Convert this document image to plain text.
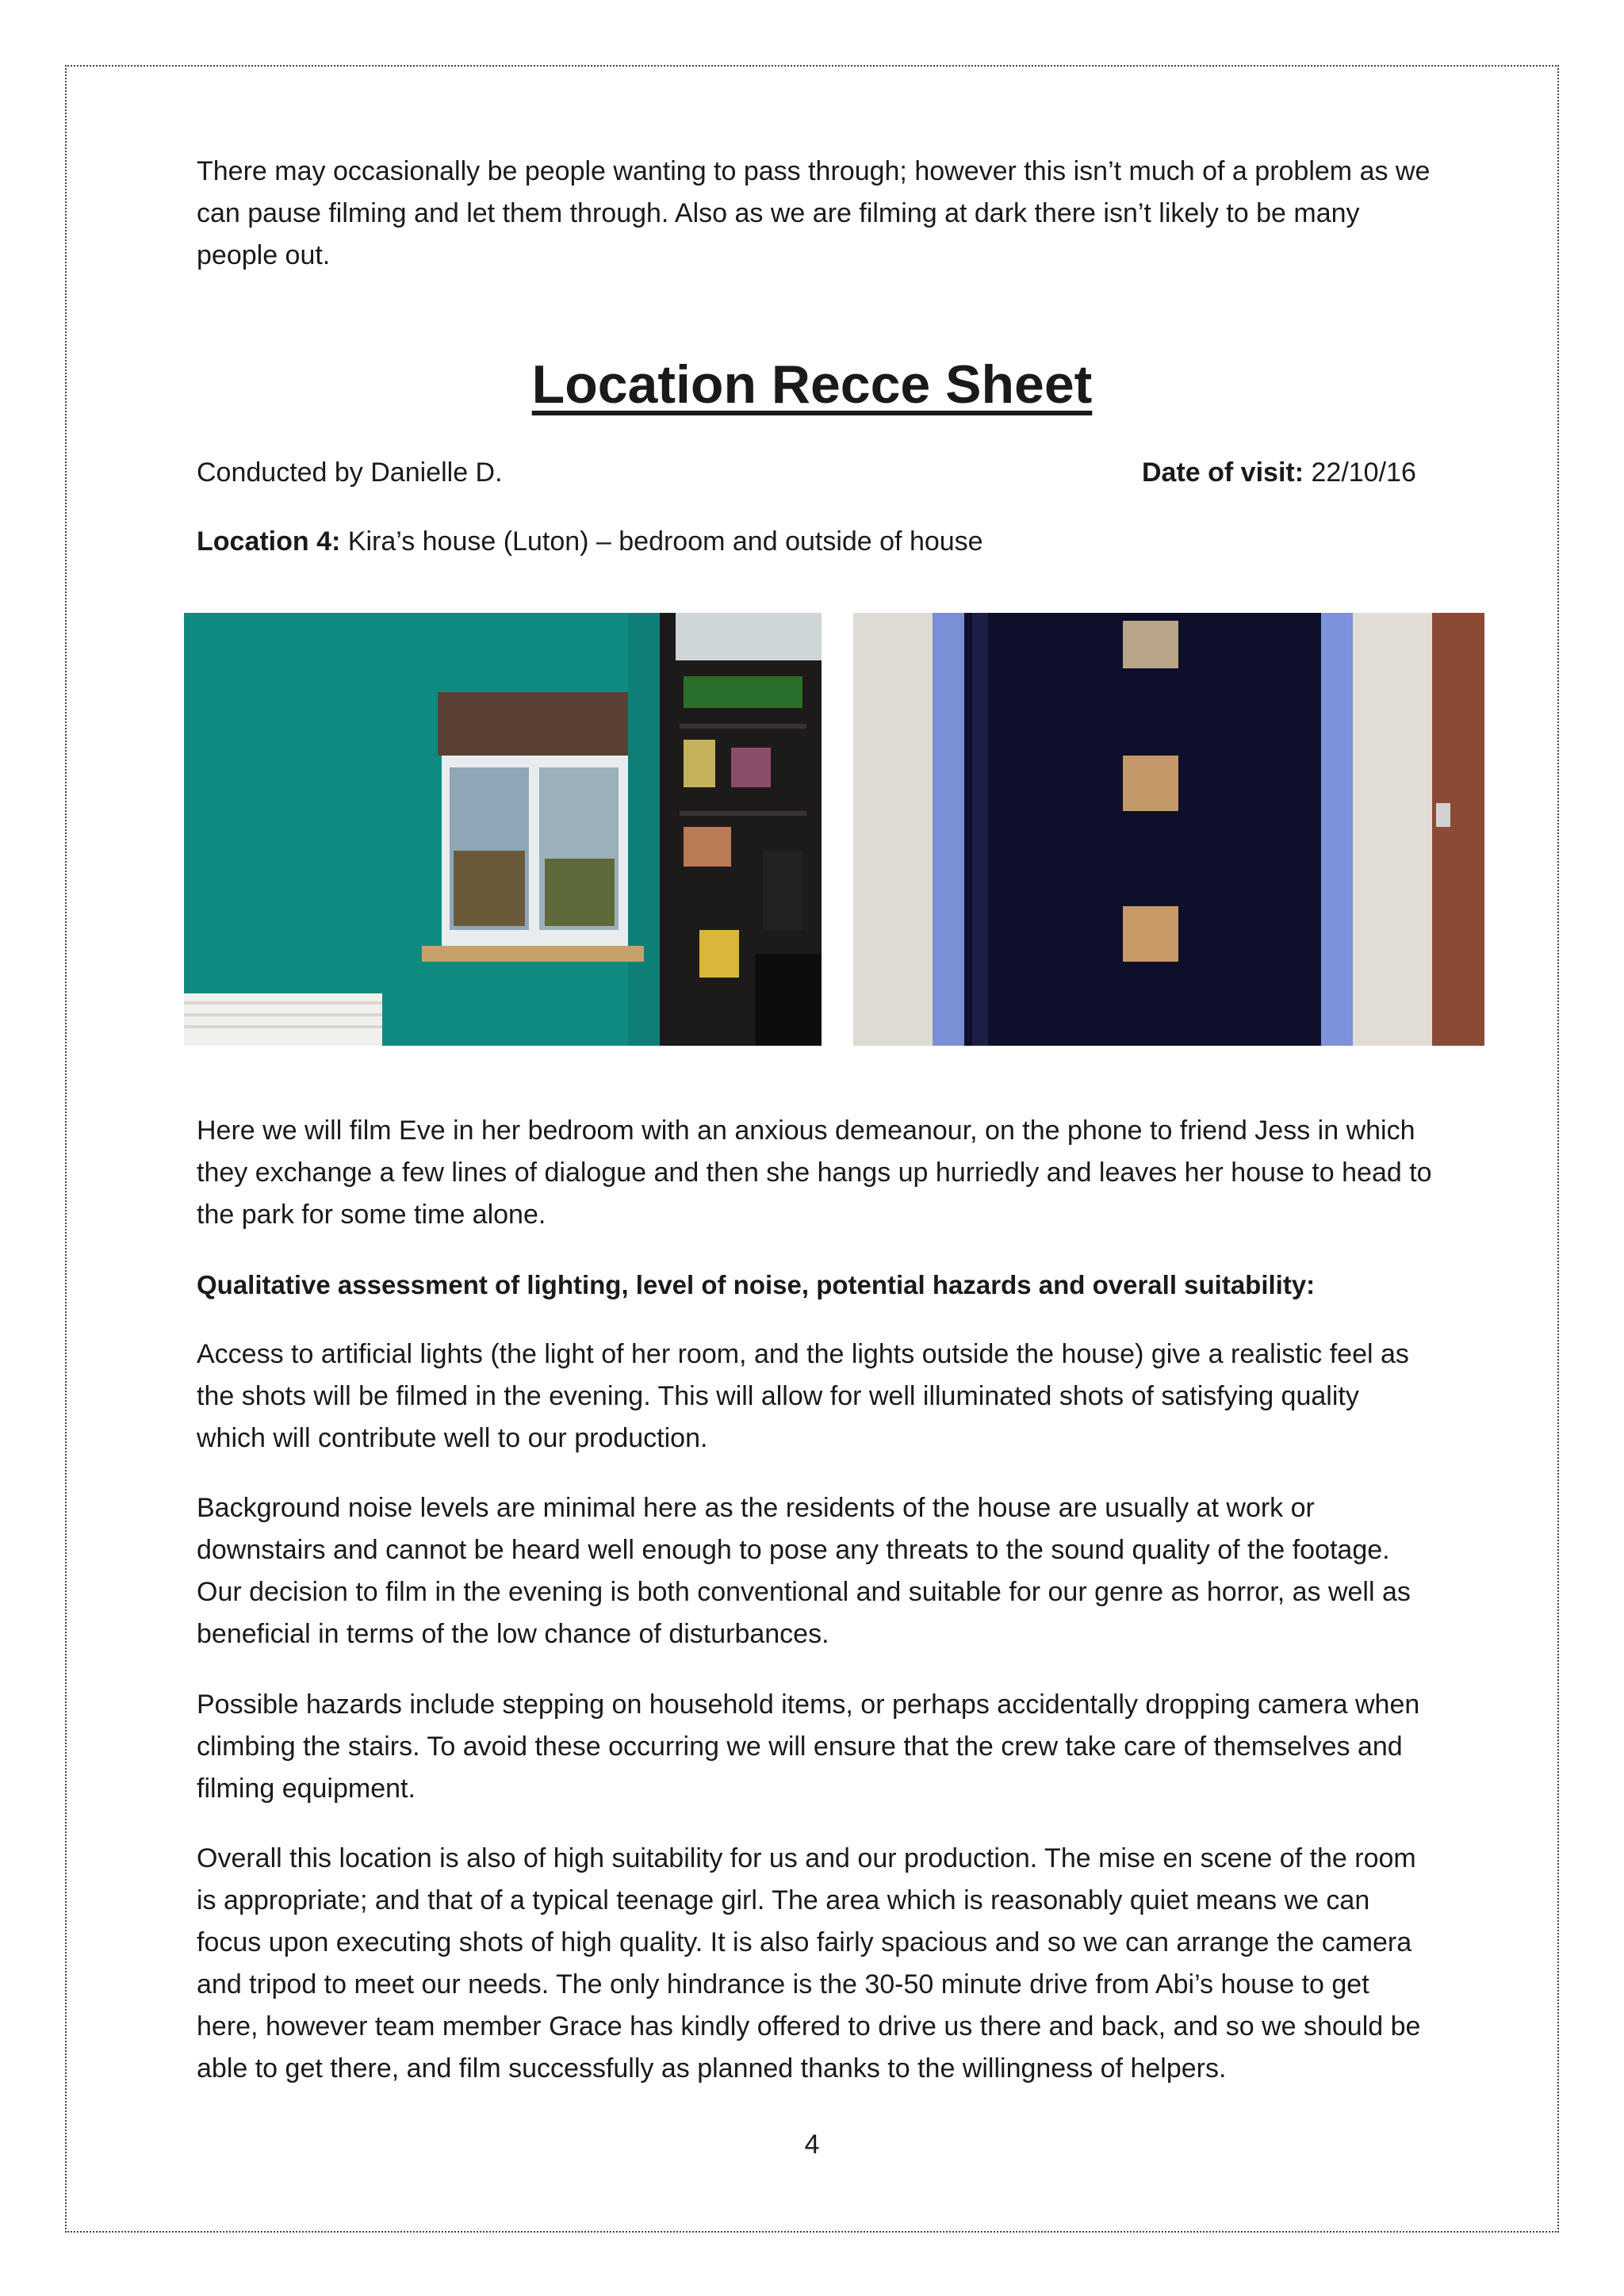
There may occasionally be people wanting to pass through; however this isn’t much of a problem as we can pause filming and let them through. Also as we are filming at dark there isn’t likely to be many people out.

Location Recce Sheet
Conducted by Danielle D.	Date of visit: 22/10/16
Location 4: Kira’s house (Luton) – bedroom and outside of house

Here we will film Eve in her bedroom with an anxious demeanour, on the phone to friend Jess in which they exchange a few lines of dialogue and then she hangs up hurriedly and leaves her house to head to the park for some time alone.

Qualitative assessment of lighting, level of noise, potential hazards and overall suitability:

Access to artificial lights (the light of her room, and the lights outside the house) give a realistic feel as the shots will be filmed in the evening. This will allow for well illuminated shots of satisfying quality which will contribute well to our production.

Background noise levels are minimal here as the residents of the house are usually at work or downstairs and cannot be heard well enough to pose any threats to the sound quality of the footage. Our decision to film in the evening is both conventional and suitable for our genre as horror, as well as beneficial in terms of the low chance of disturbances.

Possible hazards include stepping on household items, or perhaps accidentally dropping camera when climbing the stairs. To avoid these occurring we will ensure that the crew take care of themselves and filming equipment.

Overall this location is also of high suitability for us and our production. The mise en scene of the room is appropriate; and that of a typical teenage girl. The area which is reasonably quiet means we can focus upon executing shots of high quality. It is also fairly spacious and so we can arrange the camera and tripod to meet our needs. The only hindrance is the 30-50 minute drive from Abi’s house to get here, however team member Grace has kindly offered to drive us there and back, and so we should be able to get there, and film successfully as planned thanks to the willingness of helpers.

4
